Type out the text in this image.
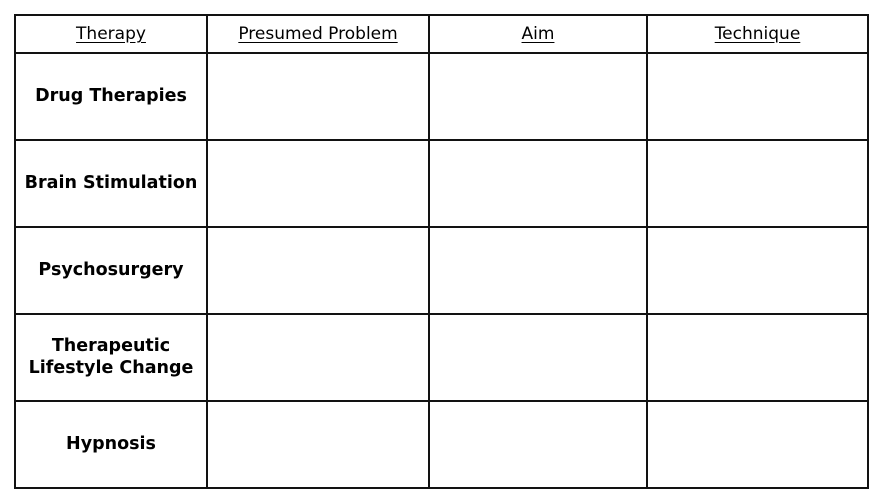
Therapy	Presumed Problem	Aim	Technique
Drug Therapies			
Brain Stimulation			
Psychosurgery			
Therapeutic Lifestyle Change			
Hypnosis			
